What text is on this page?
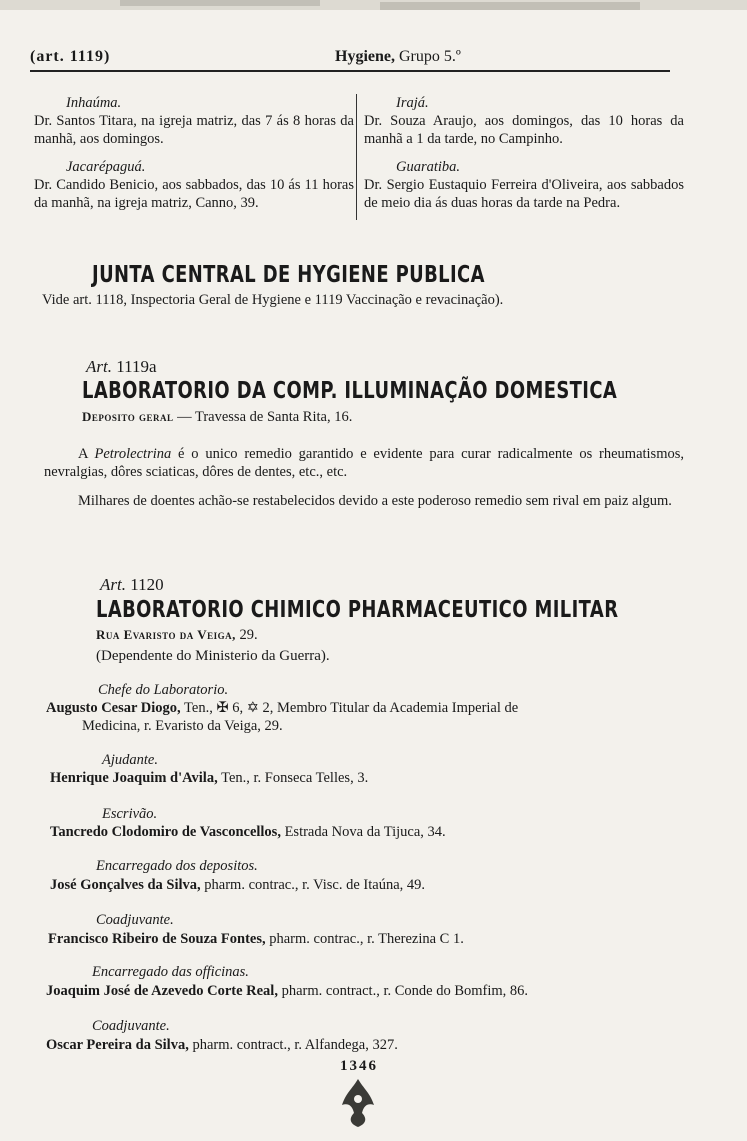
(art. 1119)	Hygiene, Grupo 5.º
Inhaúma.
Dr. Santos Titara, na igreja matriz, das 7 ás 8 horas da manhã, aos domingos.
Jacarépaguá.
Dr. Candido Benicio, aos sabbados, das 10 ás 11 horas da manhã, na igreja matriz, Canno, 39.
Irajá.
Dr. Souza Araujo, aos domingos, das 10 horas da manhã a 1 da tarde, no Campinho.
Guaratiba.
Dr. Sergio Eustaquio Ferreira d'Oliveira, aos sabbados de meio dia ás duas horas da tarde na Pedra.
JUNTA CENTRAL DE HYGIENE PUBLICA
Vide art. 1118, Inspectoria Geral de Hygiene e 1119 Vaccinação e revacinação).
Art. 1119a
LABORATORIO DA COMP. ILLUMINAÇÃO DOMESTICA
Deposito geral — Travessa de Santa Rita, 16.
A Petrolectrina é o unico remedio garantido e evidente para curar radicalmente os rheumatismos, nevralgias, dôres sciaticas, dôres de dentes, etc., etc.
Milhares de doentes achão-se restabelecidos devido a este poderoso remedio sem rival em paiz algum.
Art. 1120
LABORATORIO CHIMICO PHARMACEUTICO MILITAR
Rua Evaristo da Veiga, 29.
(Dependente do Ministerio da Guerra).
Chefe do Laboratorio.
Augusto Cesar Diogo, Ten., ✠ 6, ✡ 2, Membro Titular da Academia Imperial de
Medicina, r. Evaristo da Veiga, 29.
Ajudante.
Henrique Joaquim d'Avila, Ten., r. Fonseca Telles, 3.
Escrivão.
Tancredo Clodomiro de Vasconcellos, Estrada Nova da Tijuca, 34.
Encarregado dos depositos.
José Gonçalves da Silva, pharm. contrac., r. Visc. de Itaúna, 49.
Coadjuvante.
Francisco Ribeiro de Souza Fontes, pharm. contrac., r. Therezina C 1.
Encarregado das officinas.
Joaquim José de Azevedo Corte Real, pharm. contract., r. Conde do Bomfim, 86.
Coadjuvante.
Oscar Pereira da Silva, pharm. contract., r. Alfandega, 327.
1346
